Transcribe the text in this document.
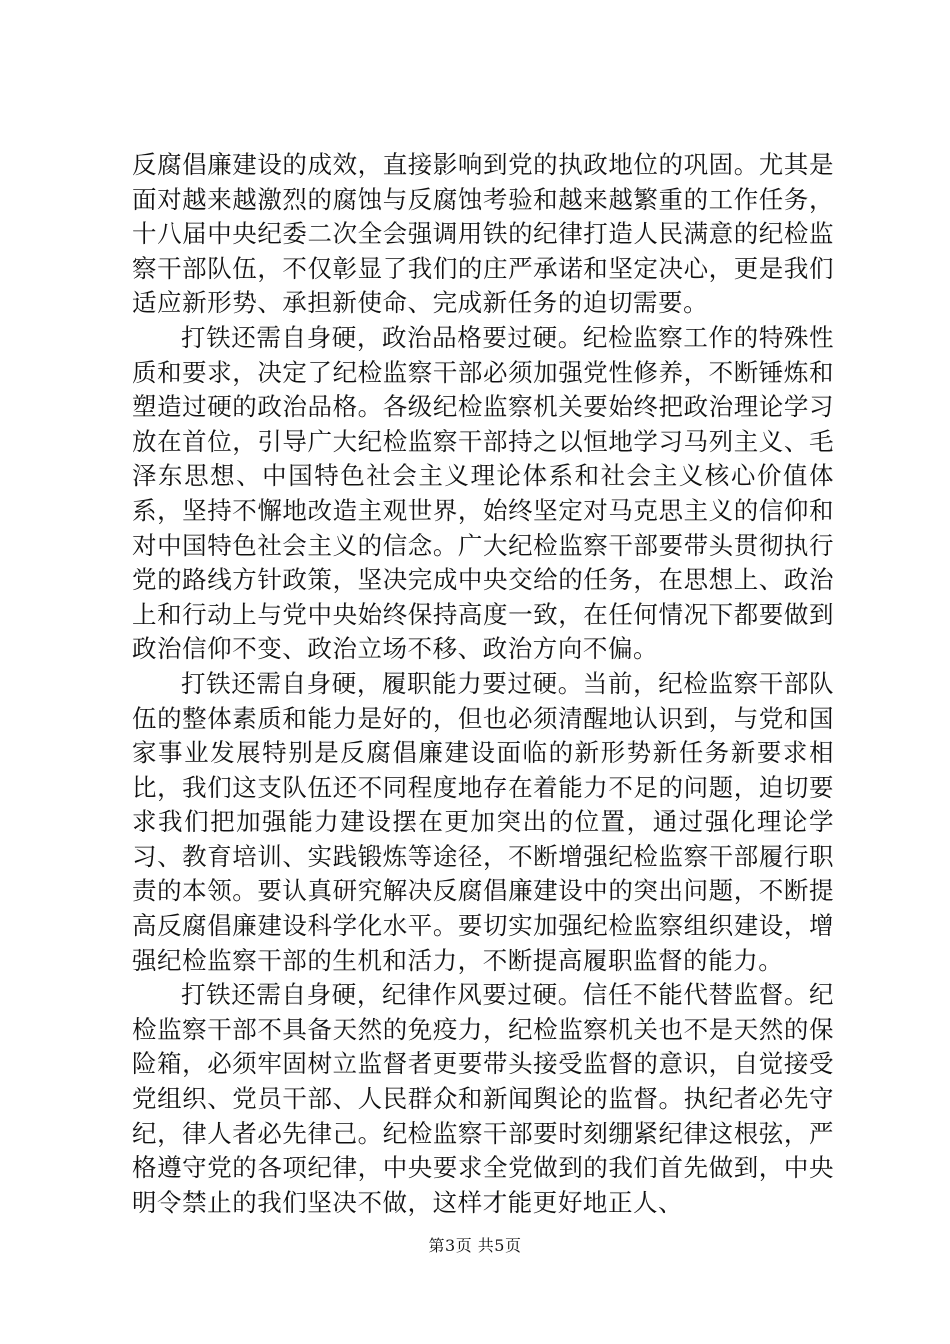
反腐倡廉建设的成效，直接影响到党的执政地位的巩固。尤其是面对越来越激烈的腐蚀与反腐蚀考验和越来越繁重的工作任务，十八届中央纪委二次全会强调用铁的纪律打造人民满意的纪检监察干部队伍，不仅彰显了我们的庄严承诺和坚定决心，更是我们适应新形势、承担新使命、完成新任务的迫切需要。

打铁还需自身硬，政治品格要过硬。纪检监察工作的特殊性质和要求，决定了纪检监察干部必须加强党性修养，不断锤炼和塑造过硬的政治品格。各级纪检监察机关要始终把政治理论学习放在首位，引导广大纪检监察干部持之以恒地学习马列主义、毛泽东思想、中国特色社会主义理论体系和社会主义核心价值体系，坚持不懈地改造主观世界，始终坚定对马克思主义的信仰和对中国特色社会主义的信念。广大纪检监察干部要带头贯彻执行党的路线方针政策，坚决完成中央交给的任务，在思想上、政治上和行动上与党中央始终保持高度一致，在任何情况下都要做到政治信仰不变、政治立场不移、政治方向不偏。

打铁还需自身硬，履职能力要过硬。当前，纪检监察干部队伍的整体素质和能力是好的，但也必须清醒地认识到，与党和国家事业发展特别是反腐倡廉建设面临的新形势新任务新要求相比，我们这支队伍还不同程度地存在着能力不足的问题，迫切要求我们把加强能力建设摆在更加突出的位置，通过强化理论学习、教育培训、实践锻炼等途径，不断增强纪检监察干部履行职责的本领。要认真研究解决反腐倡廉建设中的突出问题，不断提高反腐倡廉建设科学化水平。要切实加强纪检监察组织建设，增强纪检监察干部的生机和活力，不断提高履职监督的能力。

打铁还需自身硬，纪律作风要过硬。信任不能代替监督。纪检监察干部不具备天然的免疫力，纪检监察机关也不是天然的保险箱，必须牢固树立监督者更要带头接受监督的意识，自觉接受党组织、党员干部、人民群众和新闻舆论的监督。执纪者必先守纪，律人者必先律己。纪检监察干部要时刻绷紧纪律这根弦，严格遵守党的各项纪律，中央要求全党做到的我们首先做到，中央明令禁止的我们坚决不做，这样才能更好地正人、

第3页 共5页
